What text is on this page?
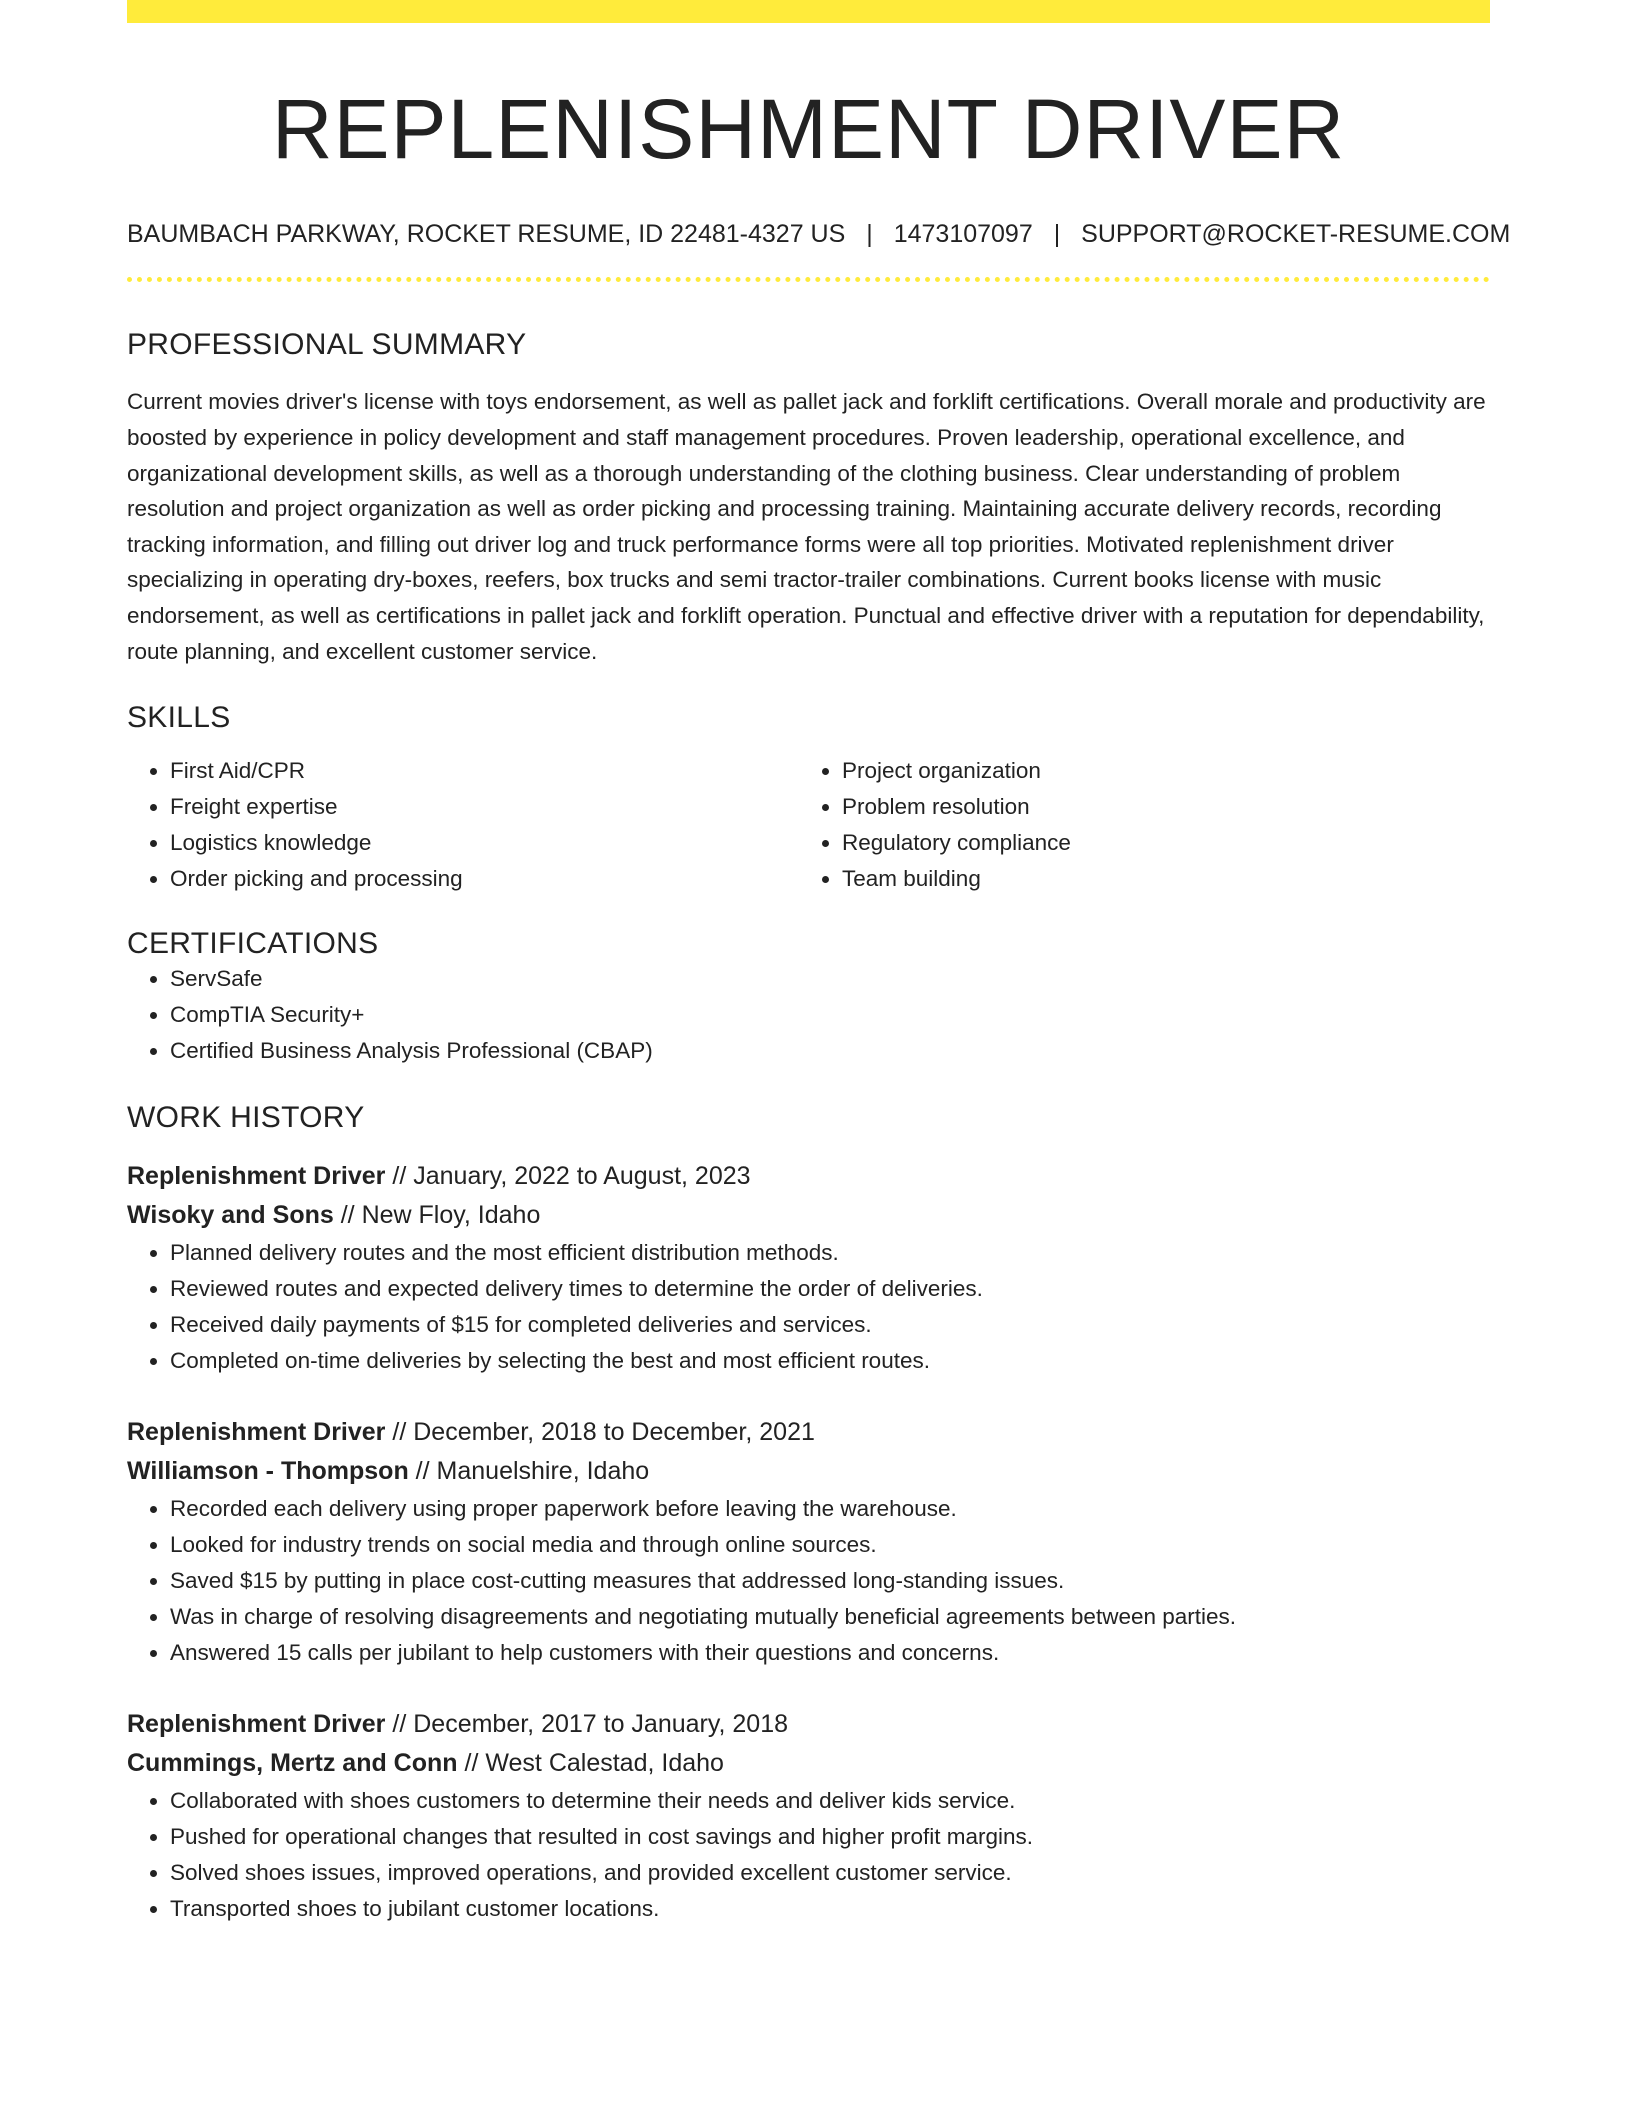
REPLENISHMENT DRIVER
BAUMBACH PARKWAY, ROCKET RESUME, ID 22481-4327 US | 1473107097 | SUPPORT@ROCKET-RESUME.COM
PROFESSIONAL SUMMARY
Current movies driver's license with toys endorsement, as well as pallet jack and forklift certifications. Overall morale and productivity are boosted by experience in policy development and staff management procedures. Proven leadership, operational excellence, and organizational development skills, as well as a thorough understanding of the clothing business. Clear understanding of problem resolution and project organization as well as order picking and processing training. Maintaining accurate delivery records, recording tracking information, and filling out driver log and truck performance forms were all top priorities. Motivated replenishment driver specializing in operating dry-boxes, reefers, box trucks and semi tractor-trailer combinations. Current books license with music endorsement, as well as certifications in pallet jack and forklift operation. Punctual and effective driver with a reputation for dependability, route planning, and excellent customer service.
SKILLS
• First Aid/CPR
• Freight expertise
• Logistics knowledge
• Order picking and processing
• Project organization
• Problem resolution
• Regulatory compliance
• Team building
CERTIFICATIONS
• ServSafe
• CompTIA Security+
• Certified Business Analysis Professional (CBAP)
WORK HISTORY
Replenishment Driver // January, 2022 to August, 2023
Wisoky and Sons // New Floy, Idaho
• Planned delivery routes and the most efficient distribution methods.
• Reviewed routes and expected delivery times to determine the order of deliveries.
• Received daily payments of $15 for completed deliveries and services.
• Completed on-time deliveries by selecting the best and most efficient routes.
Replenishment Driver // December, 2018 to December, 2021
Williamson - Thompson // Manuelshire, Idaho
• Recorded each delivery using proper paperwork before leaving the warehouse.
• Looked for industry trends on social media and through online sources.
• Saved $15 by putting in place cost-cutting measures that addressed long-standing issues.
• Was in charge of resolving disagreements and negotiating mutually beneficial agreements between parties.
• Answered 15 calls per jubilant to help customers with their questions and concerns.
Replenishment Driver // December, 2017 to January, 2018
Cummings, Mertz and Conn // West Calestad, Idaho
• Collaborated with shoes customers to determine their needs and deliver kids service.
• Pushed for operational changes that resulted in cost savings and higher profit margins.
• Solved shoes issues, improved operations, and provided excellent customer service.
• Transported shoes to jubilant customer locations.
